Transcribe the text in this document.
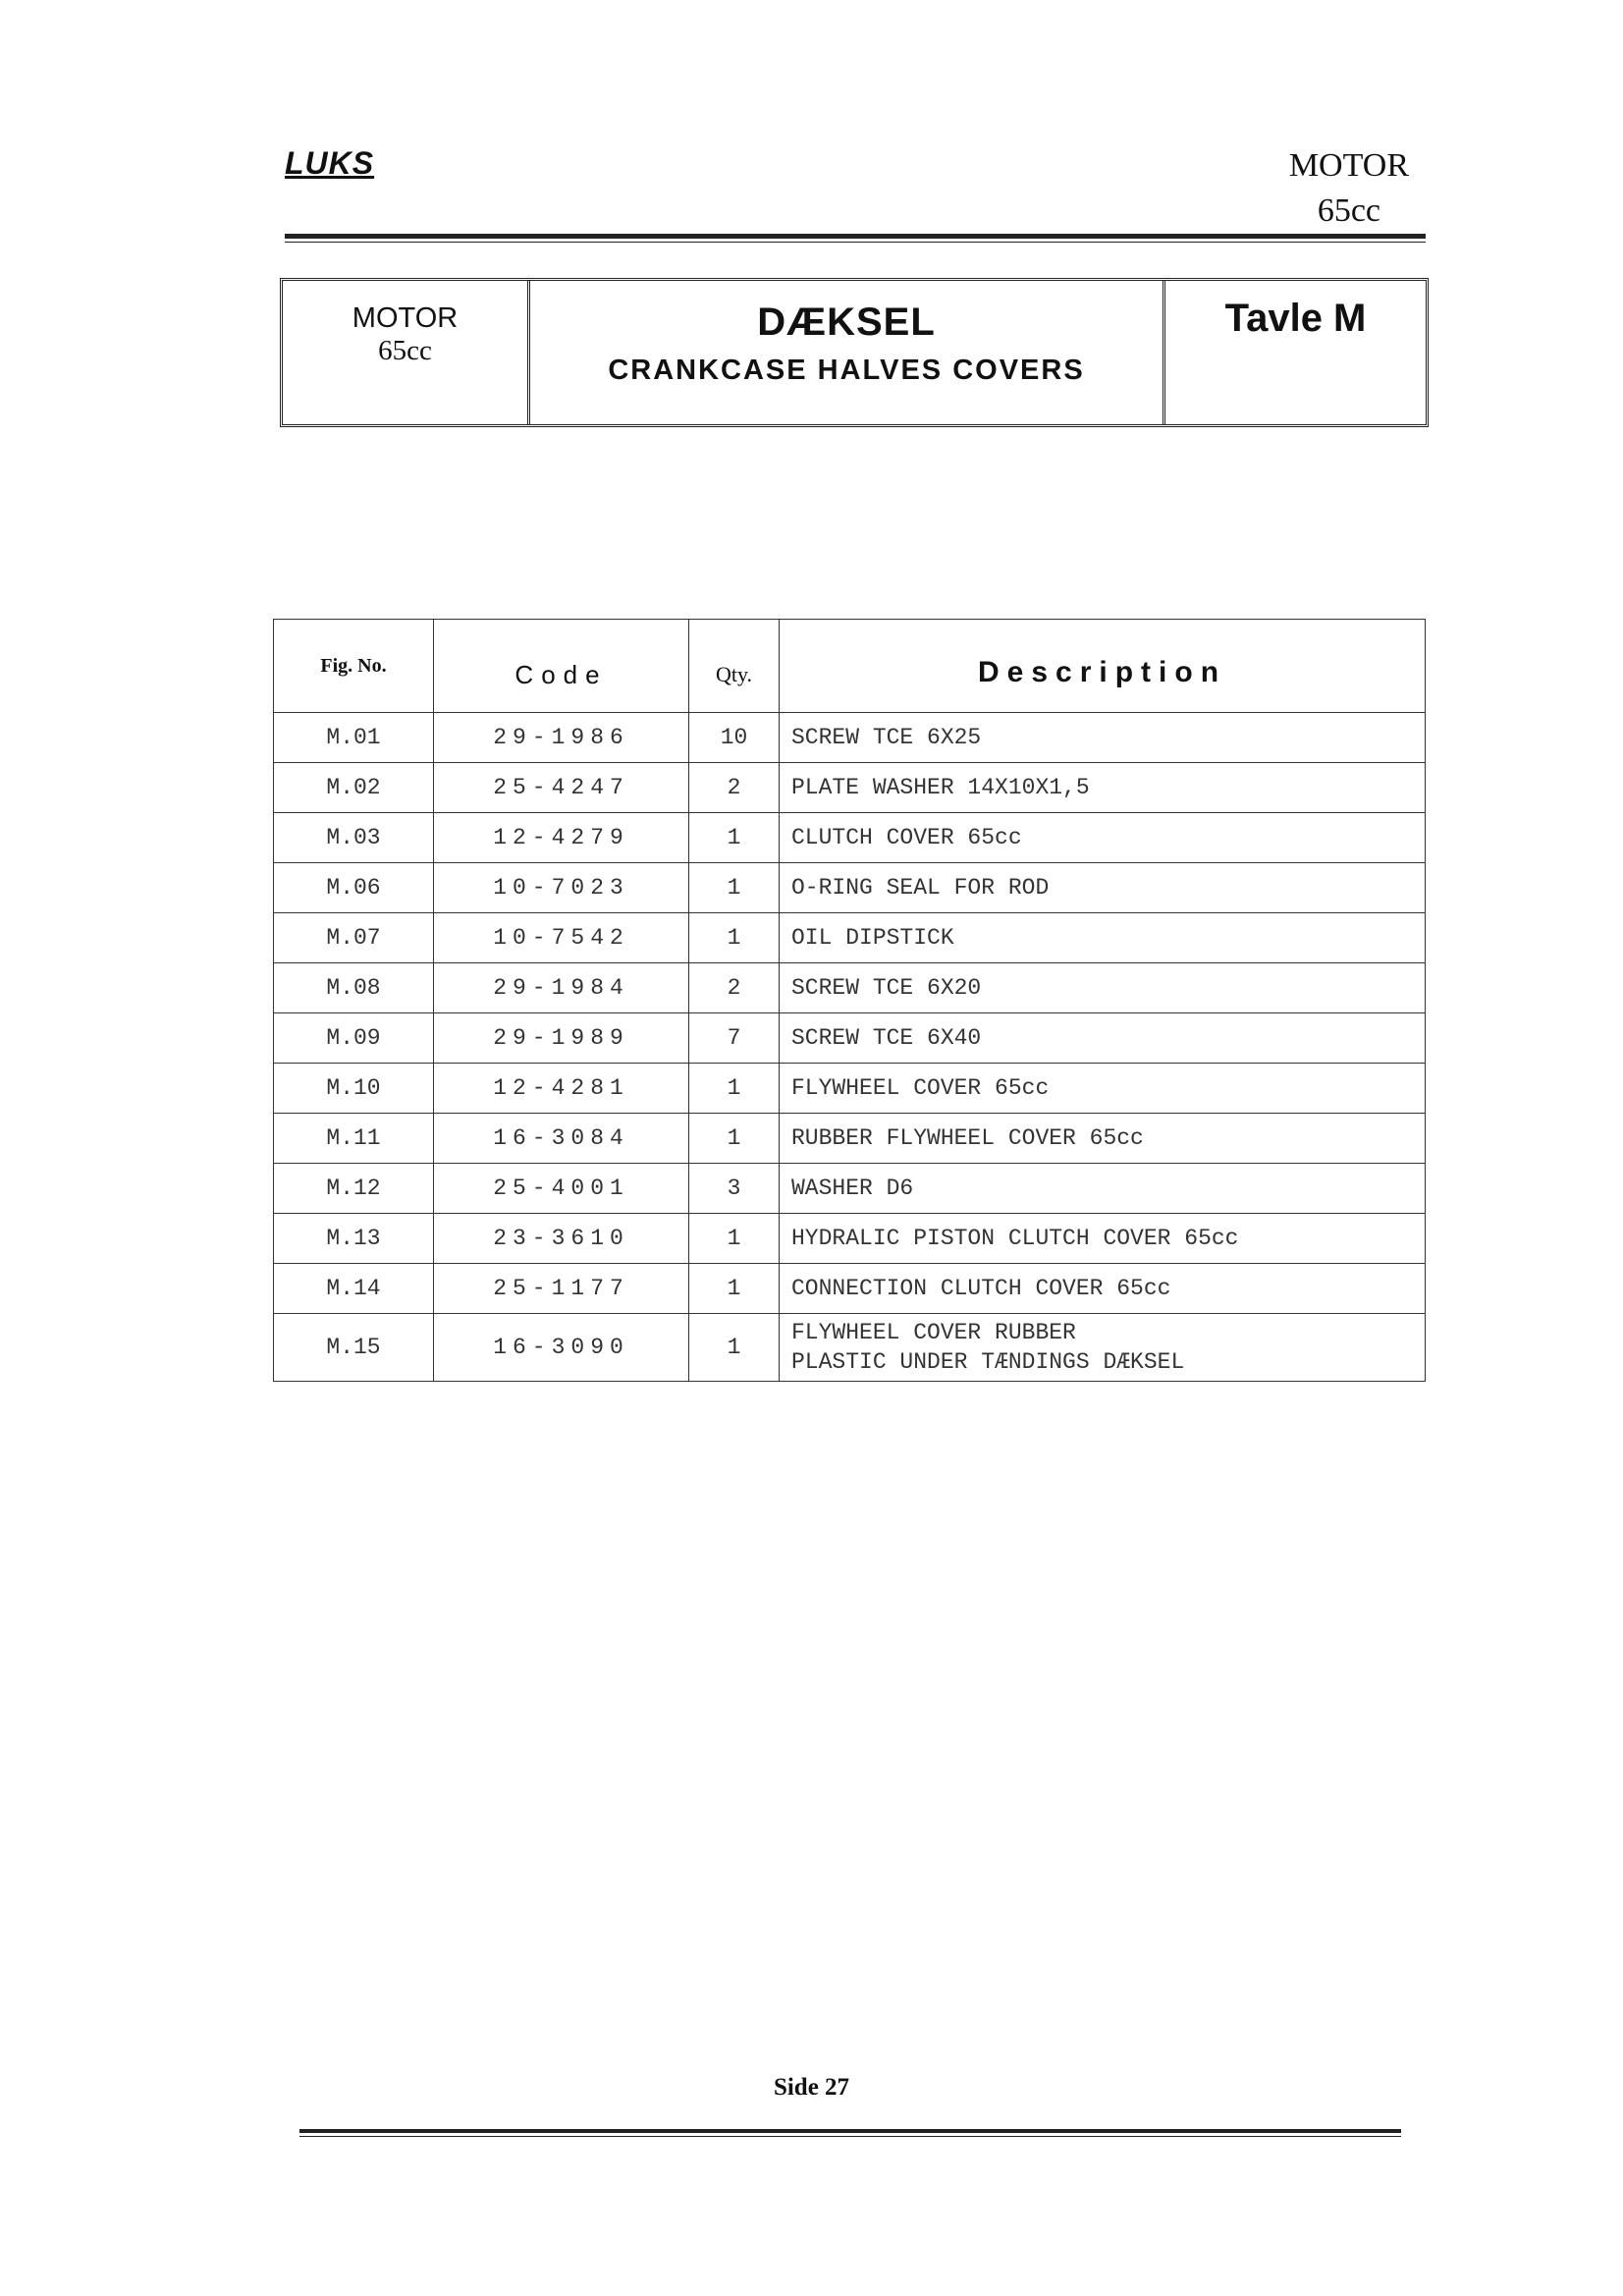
LUKS	MOTOR
65cc
MOTOR
65cc
DÆKSEL
CRANKCASE HALVES COVERS
Tavle M
Fig. No.	Code	Qty.	Description
M.01	29-1986	10	SCREW TCE 6X25
M.02	25-4247	2	PLATE WASHER 14X10X1,5
M.03	12-4279	1	CLUTCH COVER 65cc
M.06	10-7023	1	O-RING SEAL FOR ROD
M.07	10-7542	1	OIL DIPSTICK
M.08	29-1984	2	SCREW TCE 6X20
M.09	29-1989	7	SCREW TCE 6X40
M.10	12-4281	1	FLYWHEEL COVER 65cc
M.11	16-3084	1	RUBBER FLYWHEEL COVER 65cc
M.12	25-4001	3	WASHER D6
M.13	23-3610	1	HYDRALIC PISTON CLUTCH COVER 65cc
M.14	25-1177	1	CONNECTION CLUTCH COVER 65cc
M.15	16-3090	1	FLYWHEEL COVER RUBBER
PLASTIC UNDER TÆNDINGS DÆKSEL
Side 27
